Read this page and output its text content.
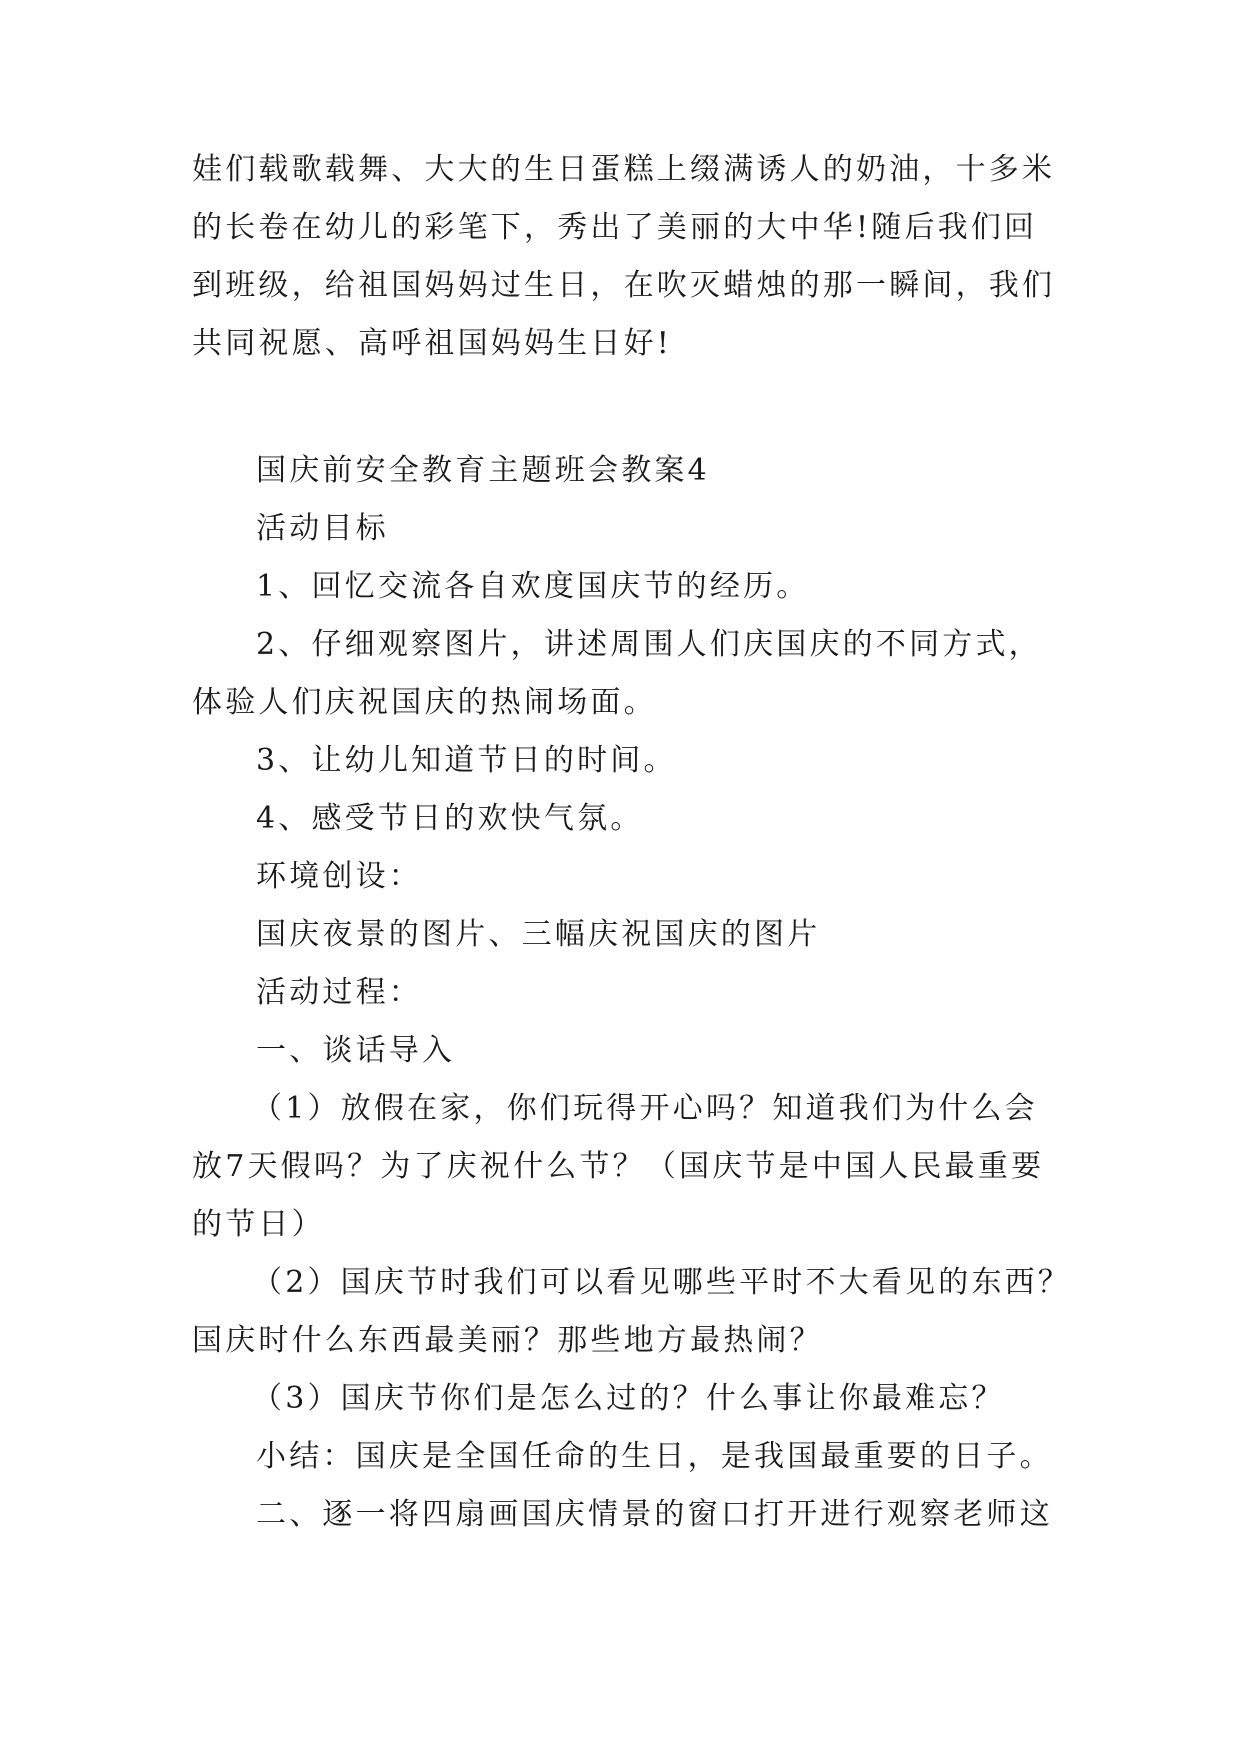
娃们载歌载舞、大大的生日蛋糕上缀满诱人的奶油，十多米
的长卷在幼儿的彩笔下，秀出了美丽的大中华!随后我们回
到班级，给祖国妈妈过生日，在吹灭蜡烛的那一瞬间，我们
共同祝愿、高呼祖国妈妈生日好!
国庆前安全教育主题班会教案4
活动目标
1、回忆交流各自欢度国庆节的经历。
2、仔细观察图片，讲述周围人们庆国庆的不同方式，
体验人们庆祝国庆的热闹场面。
3、让幼儿知道节日的时间。
4、感受节日的欢快气氛。
环境创设：
国庆夜景的图片、三幅庆祝国庆的图片
活动过程：
一、谈话导入
（1）放假在家，你们玩得开心吗？知道我们为什么会
放7天假吗？为了庆祝什么节？（国庆节是中国人民最重要
的节日）
（2）国庆节时我们可以看见哪些平时不大看见的东西？
国庆时什么东西最美丽？那些地方最热闹？
（3）国庆节你们是怎么过的？什么事让你最难忘？
小结：国庆是全国任命的生日，是我国最重要的日子。
二、逐一将四扇画国庆情景的窗口打开进行观察老师这
